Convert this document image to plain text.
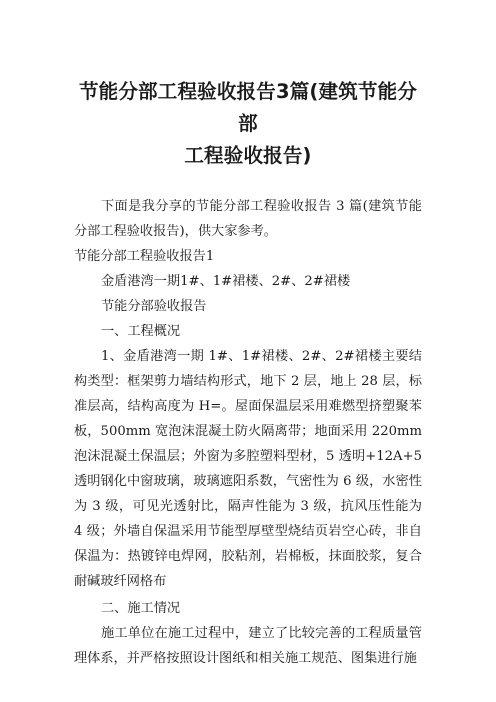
节能分部工程验收报告3篇(建筑节能分部
工程验收报告)

下面是我分享的节能分部工程验收报告 3 篇(建筑节能分部工程验收报告)，供大家参考。

节能分部工程验收报告1

金盾港湾一期1#、1#裙楼、2#、2#裙楼

节能分部验收报告

一、工程概况

1、金盾港湾一期 1#、1#裙楼、2#、2#裙楼主要结构类型：框架剪力墙结构形式，地下 2 层，地上 28 层，标准层高，结构高度为 H=。屋面保温层采用难燃型挤塑聚苯板，500mm 宽泡沫混凝土防火隔离带；地面采用 220mm 泡沫混凝土保温层；外窗为多腔塑料型材，5 透明+12A+5 透明钢化中窗玻璃，玻璃遮阳系数，气密性为 6 级，水密性为 3 级，可见光透射比，隔声性能为 3 级，抗风压性能为 4 级；外墙自保温采用节能型厚壁型烧结页岩空心砖，非自保温为：热镀锌电焊网，胶粘剂，岩棉板，抹面胶浆，复合耐碱玻纤网格布

二、施工情况

施工单位在施工过程中，建立了比较完善的工程质量管理体系，并严格按照设计图纸和相关施工规范、图集进行施
